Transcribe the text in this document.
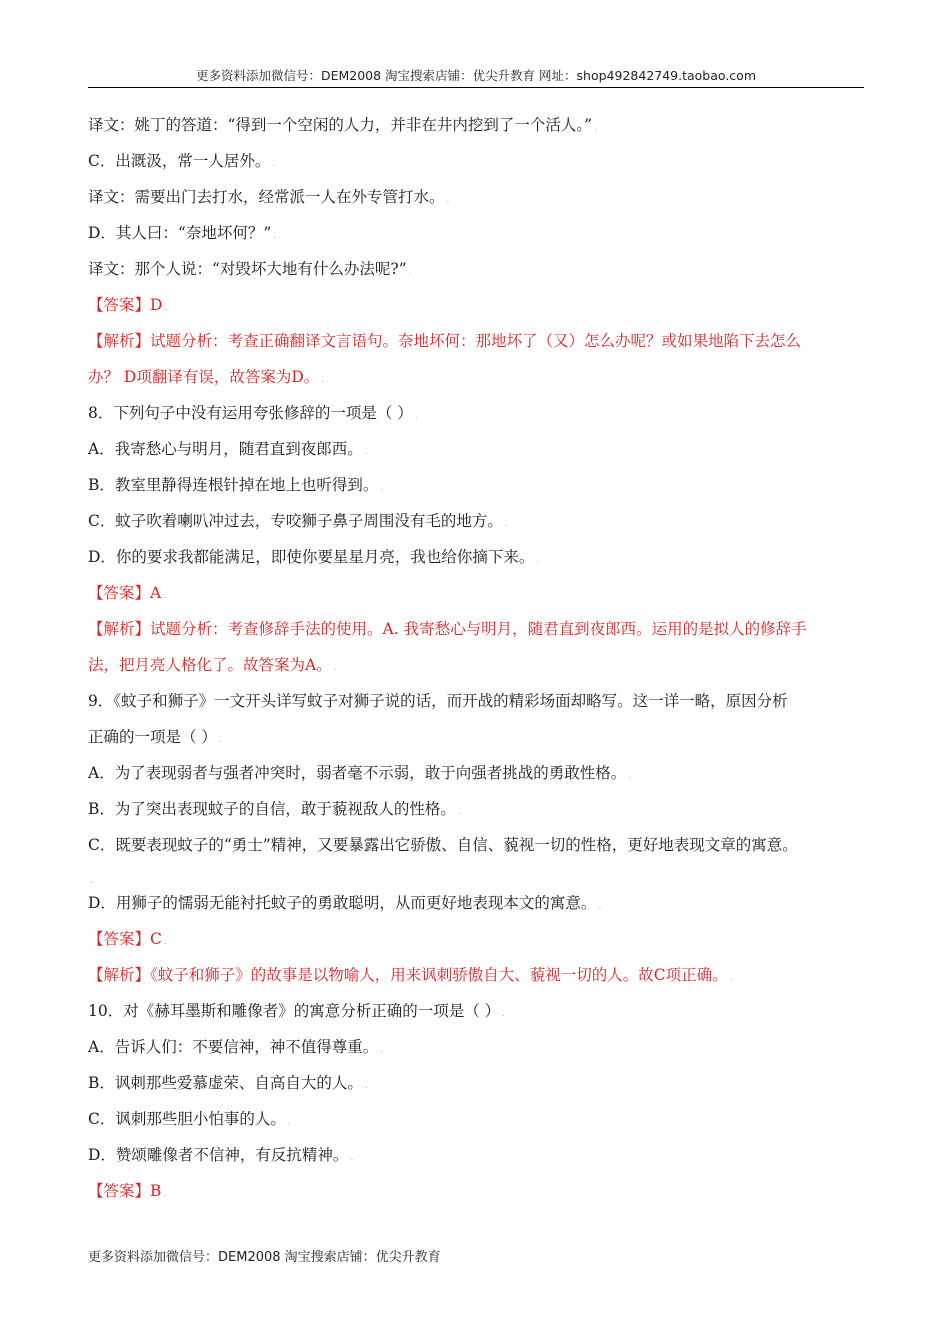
更多资料添加微信号：DEM2008 淘宝搜索店铺：优尖升教育 网址：shop492842749.taobao.com
译文：姚丁的答道：“得到一个空闲的人力，并非在井内挖到了一个活人。” .
C．出溉汲，常一人居外。 .
译文：需要出门去打水，经常派一人在外专管打水。 .
D．其人曰：“奈地坏何？” .
译文：那个人说：“对毁坏大地有什么办法呢?” .
【答案】D .
【解析】试题分析：考查正确翻译文言语句。奈地坏何：那地坏了（又）怎么办呢？或如果地陷下去怎么
办？ D项翻译有误，故答案为D。 .
8．下列句子中没有运用夸张修辞的一项是（ ） .
A．我寄愁心与明月，随君直到夜郎西。 .
B．教室里静得连根针掉在地上也听得到。 .
C．蚊子吹着喇叭冲过去，专咬狮子鼻子周围没有毛的地方。 .
D．你的要求我都能满足，即使你要星星月亮，我也给你摘下来。 .
【答案】A .
【解析】试题分析：考查修辞手法的使用。A. 我寄愁心与明月，随君直到夜郎西。运用的是拟人的修辞手
法，把月亮人格化了。故答案为A。 .
9．《蚊子和狮子》一文开头详写蚊子对狮子说的话，而开战的精彩场面却略写。这一详一略，原因分析
正确的一项是（ ） .
A．为了表现弱者与强者冲突时，弱者毫不示弱，敢于向强者挑战的勇敢性格。 .
B．为了突出表现蚊子的自信，敢于藐视敌人的性格。 .
C．既要表现蚊子的“勇士”精神，又要暴露出它骄傲、自信、藐视一切的性格，更好地表现文章的寓意。
.
D．用狮子的懦弱无能衬托蚊子的勇敢聪明，从而更好地表现本文的寓意。 .
【答案】C .
【解析】《蚊子和狮子》的故事是以物喻人，用来讽刺骄傲自大、藐视一切的人。故C项正确。 .
10．对《赫耳墨斯和雕像者》的寓意分析正确的一项是（ ） .
A．告诉人们：不要信神，神不值得尊重。 .
B．讽刺那些爱慕虚荣、自高自大的人。 .
C．讽刺那些胆小怕事的人。 .
D．赞颂雕像者不信神，有反抗精神。 .
【答案】B .
更多资料添加微信号：DEM2008 淘宝搜索店铺：优尖升教育
